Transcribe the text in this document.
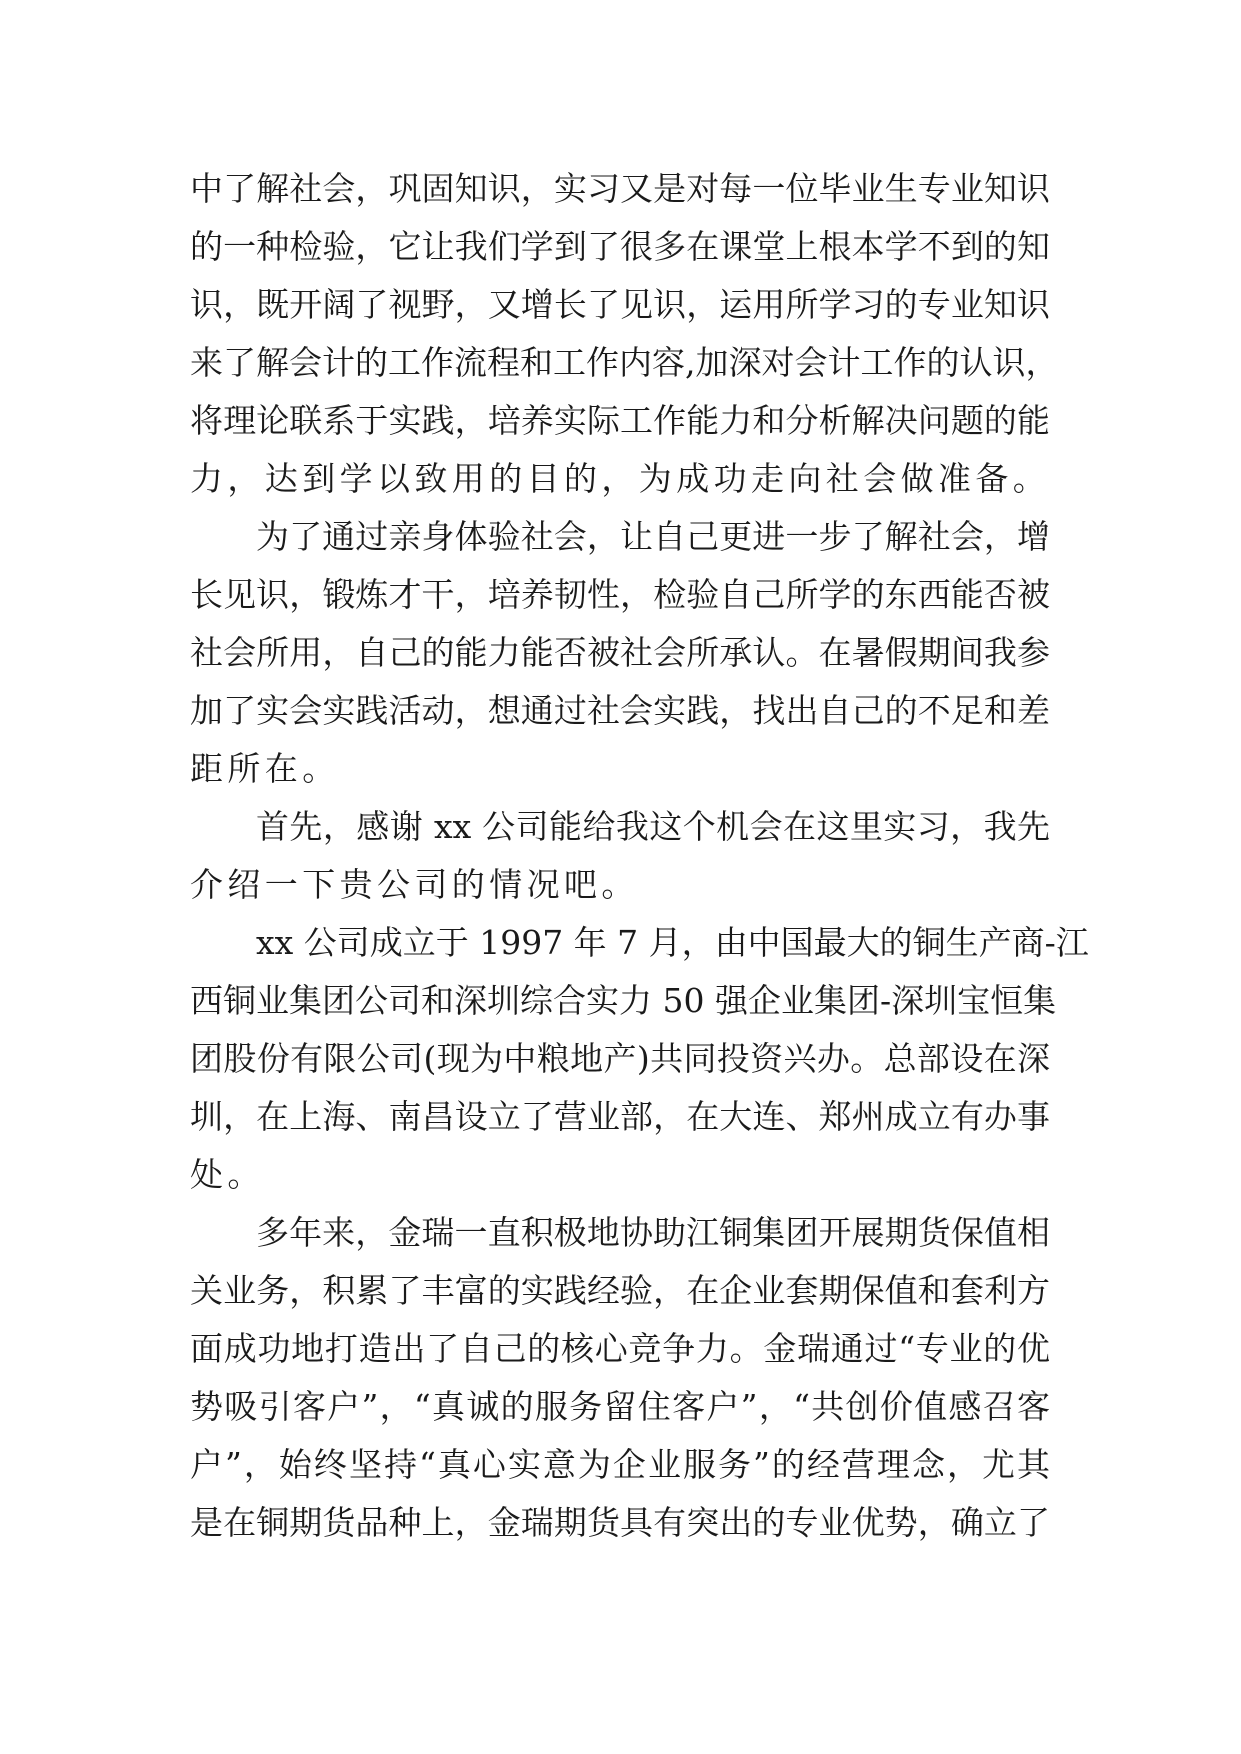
中了解社会，巩固知识，实习又是对每一位毕业生专业知识
的一种检验，它让我们学到了很多在课堂上根本学不到的知
识，既开阔了视野，又增长了见识，运用所学习的专业知识
来了解会计的工作流程和工作内容,加深对会计工作的认识，
将理论联系于实践，培养实际工作能力和分析解决问题的能
力，达到学以致用的目的，为成功走向社会做准备。
为了通过亲身体验社会，让自己更进一步了解社会，增
长见识，锻炼才干，培养韧性，检验自己所学的东西能否被
社会所用，自己的能力能否被社会所承认。在暑假期间我参
加了实会实践活动，想通过社会实践，找出自己的不足和差
距所在。
首先，感谢 xx 公司能给我这个机会在这里实习，我先
介绍一下贵公司的情况吧。
xx 公司成立于 1997 年 7 月，由中国最大的铜生产商-江
西铜业集团公司和深圳综合实力 50 强企业集团-深圳宝恒集
团股份有限公司(现为中粮地产)共同投资兴办。总部设在深
圳，在上海、南昌设立了营业部，在大连、郑州成立有办事
处。
多年来，金瑞一直积极地协助江铜集团开展期货保值相
关业务，积累了丰富的实践经验，在企业套期保值和套利方
面成功地打造出了自己的核心竞争力。金瑞通过“专业的优
势吸引客户”，“真诚的服务留住客户”，“共创价值感召客
户”，始终坚持“真心实意为企业服务”的经营理念，尤其
是在铜期货品种上，金瑞期货具有突出的专业优势，确立了
